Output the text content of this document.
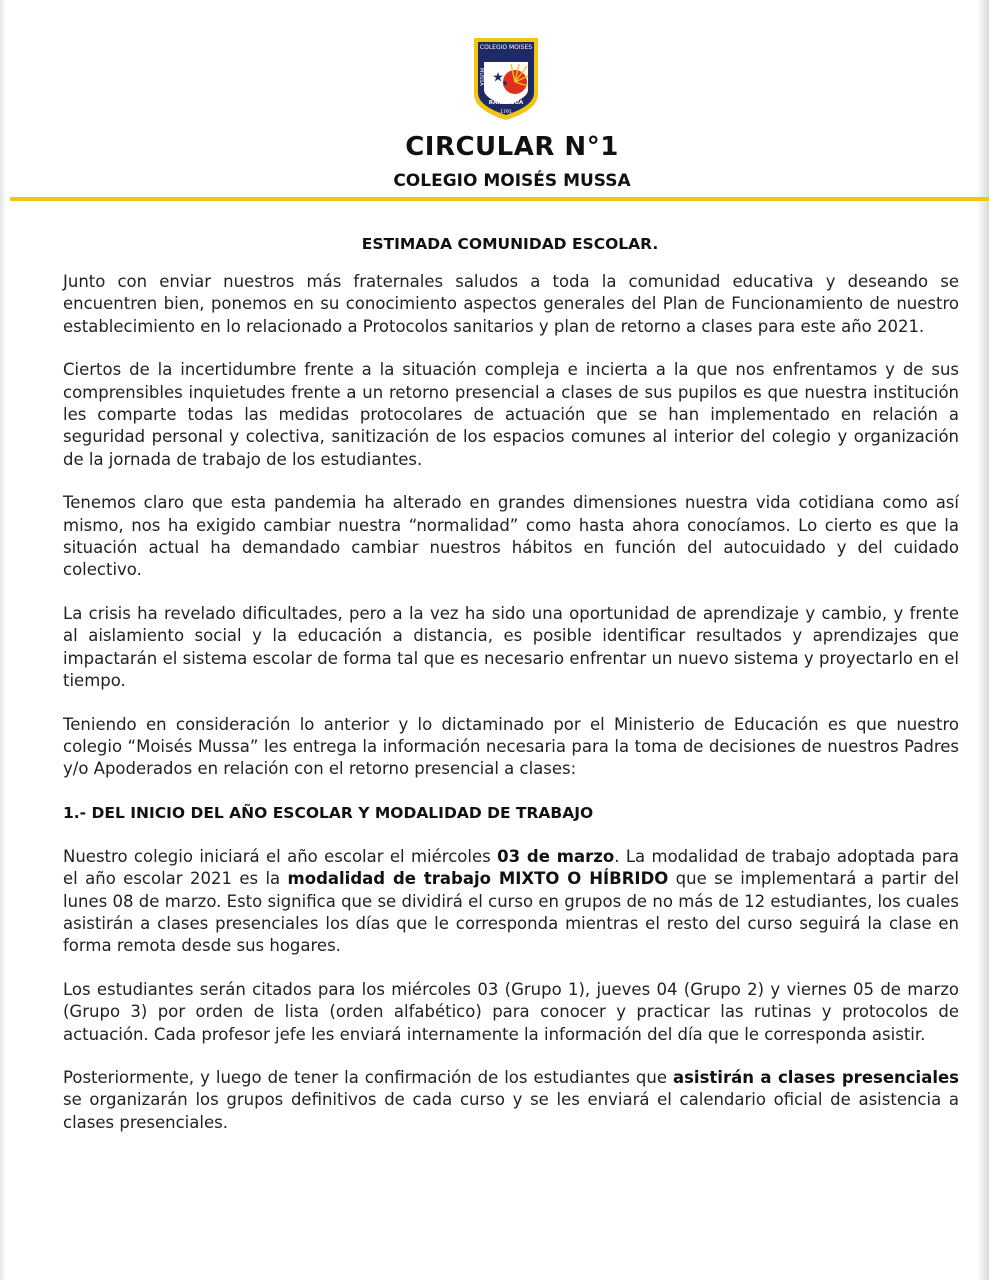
COLEGIO MOISES
MUSSA
RANCAGUA
1791
CIRCULAR N°1
COLEGIO MOISÉS MUSSA
ESTIMADA COMUNIDAD ESCOLAR.

Junto con enviar nuestros más fraternales saludos a toda la comunidad educativa y deseando se encuentren bien, ponemos en su conocimiento aspectos generales del Plan de Funcionamiento de nuestro establecimiento en lo relacionado a Protocolos sanitarios y plan de retorno a clases para este año 2021.

Ciertos de la incertidumbre frente a la situación compleja e incierta a la que nos enfrentamos y de sus comprensibles inquietudes frente a un retorno presencial a clases de sus pupilos es que nuestra institución les comparte todas las medidas protocolares de actuación que se han implementado en relación a seguridad personal y colectiva, sanitización de los espacios comunes al interior del colegio y organización de la jornada de trabajo de los estudiantes.

Tenemos claro que esta pandemia ha alterado en grandes dimensiones nuestra vida cotidiana como así mismo, nos ha exigido cambiar nuestra “normalidad” como hasta ahora conocíamos. Lo cierto es que la situación actual ha demandado cambiar nuestros hábitos en función del autocuidado y del cuidado colectivo.

La crisis ha revelado dificultades, pero a la vez ha sido una oportunidad de aprendizaje y cambio, y frente al aislamiento social y la educación a distancia, es posible identificar resultados y aprendizajes que impactarán el sistema escolar de forma tal que es necesario enfrentar un nuevo sistema y proyectarlo en el tiempo.

Teniendo en consideración lo anterior y lo dictaminado por el Ministerio de Educación es que nuestro colegio “Moisés Mussa” les entrega la información necesaria para la toma de decisiones de nuestros Padres y/o Apoderados en relación con el retorno presencial a clases:

1.- DEL INICIO DEL AÑO ESCOLAR Y MODALIDAD DE TRABAJO

Nuestro colegio iniciará el año escolar el miércoles 03 de marzo. La modalidad de trabajo adoptada para el año escolar 2021 es la modalidad de trabajo MIXTO O HÍBRIDO que se implementará a partir del lunes 08 de marzo. Esto significa que se dividirá el curso en grupos de no más de 12 estudiantes, los cuales asistirán a clases presenciales los días que le corresponda mientras el resto del curso seguirá la clase en forma remota desde sus hogares.

Los estudiantes serán citados para los miércoles 03 (Grupo 1), jueves 04 (Grupo 2) y viernes 05 de marzo (Grupo 3) por orden de lista (orden alfabético) para conocer y practicar las rutinas y protocolos de actuación. Cada profesor jefe les enviará internamente la información del día que le corresponda asistir.

Posteriormente, y luego de tener la confirmación de los estudiantes que asistirán a clases presenciales se organizarán los grupos definitivos de cada curso y se les enviará el calendario oficial de asistencia a clases presenciales.
